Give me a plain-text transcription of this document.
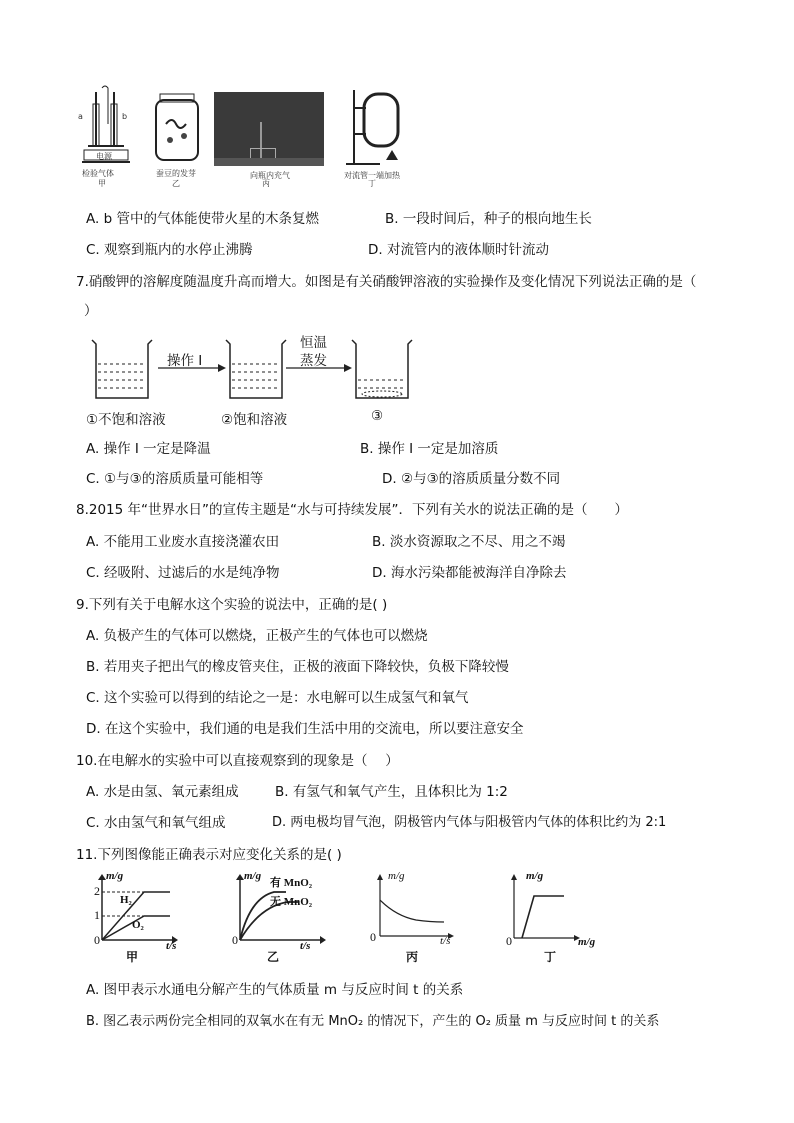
a	b
电源
检验气体
甲
蚕豆的发芽
乙
向瓶内充气
丙
对流管一端加热
丁
A. b 管中的气体能使带火星的木条复燃	B. 一段时间后，种子的根向地生长
C. 观察到瓶内的水停止沸腾	D. 对流管内的液体顺时针流动
7.硝酸钾的溶解度随温度升高而增大。如图是有关硝酸钾溶液的实验操作及变化情况下列说法正确的是（
）
操作 I
恒温
蒸发
①不饱和溶液	②饱和溶液	③
A. 操作 I 一定是降温	B. 操作 I 一定是加溶质
C. ①与③的溶质质量可能相等	D. ②与③的溶质质量分数不同
8.2015 年“世界水日”的宣传主题是“水与可持续发展”．下列有关水的说法正确的是（　　）
A. 不能用工业废水直接浇灌农田	B. 淡水资源取之不尽、用之不竭
C. 经吸附、过滤后的水是纯净物	D. 海水污染都能被海洋自净除去
9.下列有关于电解水这个实验的说法中，正确的是( )
A. 负极产生的气体可以燃烧，正极产生的气体也可以燃烧
B. 若用夹子把出气的橡皮管夹住，正极的液面下降较快，负极下降较慢
C. 这个实验可以得到的结论之一是：水电解可以生成氢气和氧气
D. 在这个实验中，我们通的电是我们生活中用的交流电，所以要注意安全
10.在电解水的实验中可以直接观察到的现象是（　 ）
A. 水是由氢、氧元素组成	B. 有氢气和氧气产生，且体积比为 1:2
C. 水由氢气和氧气组成	D. 两电极均冒气泡，阴极管内气体与阳极管内气体的体积比约为 2:1
11.下列图像能正确表示对应变化关系的是( )
m/g
2
1
0
H₂
O₂
t/s
甲
m/g
有 MnO₂
无 MnO₂
0	t/s
乙
m/g
0	t/s
丙
m/g
0	m/g
丁
A. 图甲表示水通电分解产生的气体质量 m 与反应时间 t 的关系
B. 图乙表示两份完全相同的双氧水在有无 MnO₂ 的情况下，产生的 O₂ 质量 m 与反应时间 t 的关系
